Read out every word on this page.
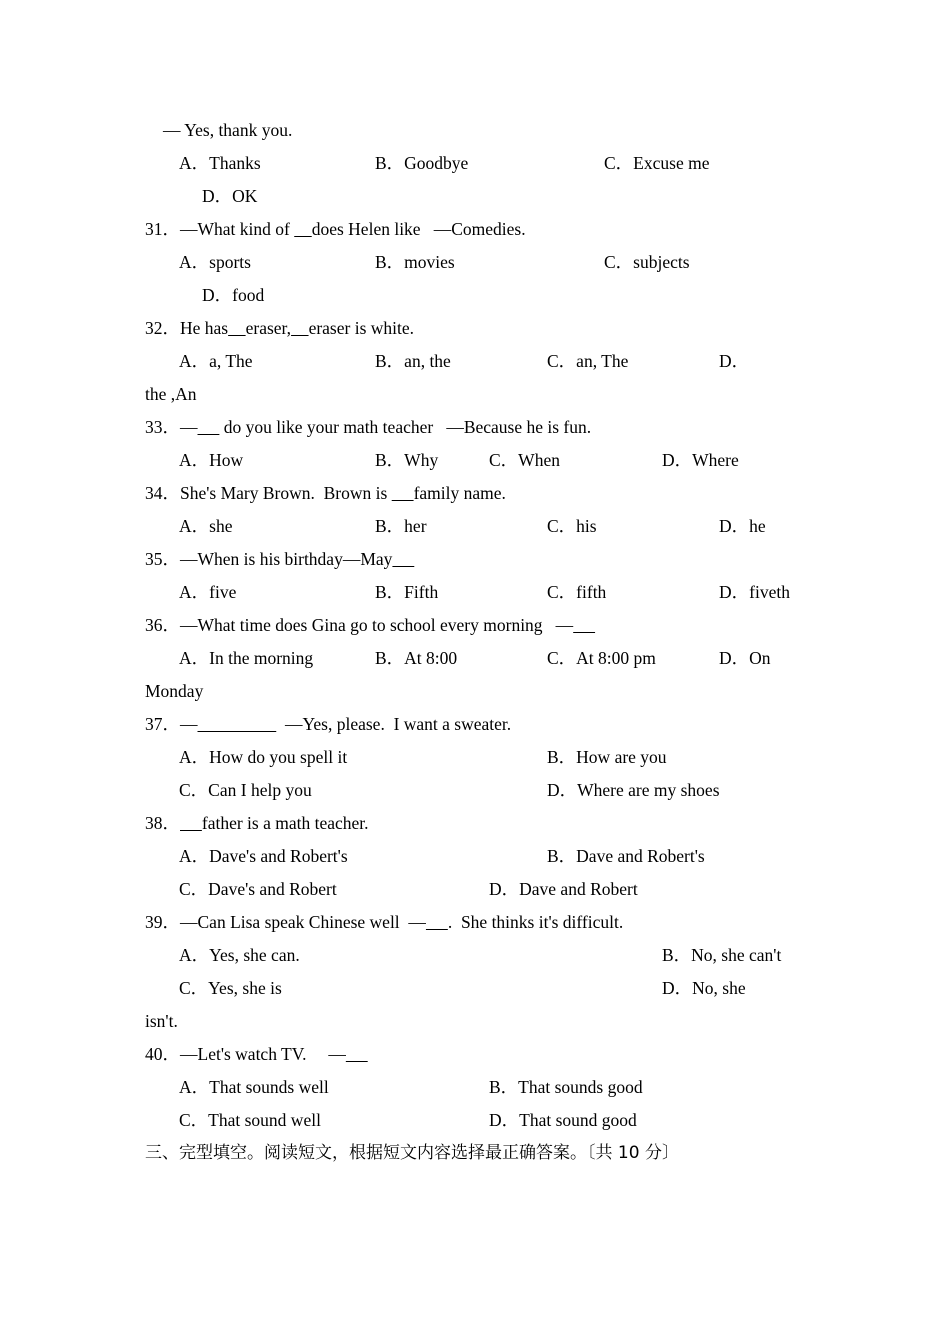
— Yes, thank you.
A．Thanks	B．Goodbye	C．Excuse me
D．OK
31．—What kind of     does Helen like   —Comedies.
A．sports	B．movies	C．subjects
D．food
32．He has eraser, eraser is white.
A．a, The	B．an, the	C．an, The	D．
the ,An
33．—      do you like your math teacher   —Because he is fun.
A．How	B．Why	C．When	D．Where
34．She's Mary Brown.  Brown is      family name.
A．she	B．her	C．his	D．he
35．—When is his birthday—May
A．five	B．Fifth	C．fifth	D．fiveth
36．—What time does Gina go to school every morning   —
A．In the morning	B．At 8:00	C．At 8:00 pm	D．On
Monday
37．—	—Yes, please.  I want a sweater.
A．How do you spell it	B．How are you
C．Can I help you	D．Where are my shoes
38． father is a math teacher.
A．Dave's and Robert's	B．Dave and Robert's
C．Dave's and Robert	D．Dave and Robert
39．—Can Lisa speak Chinese well  — .  She thinks it's difficult.
A．Yes, she can.	B．No, she can't
C．Yes, she is	D．No, she
isn't.
40．—Let's watch TV.     —
A．That sounds well	B．That sounds good
C．That sound well	D．That sound good
三、完型填空。阅读短文，根据短文内容选择最正确答案。〔共 10 分〕
